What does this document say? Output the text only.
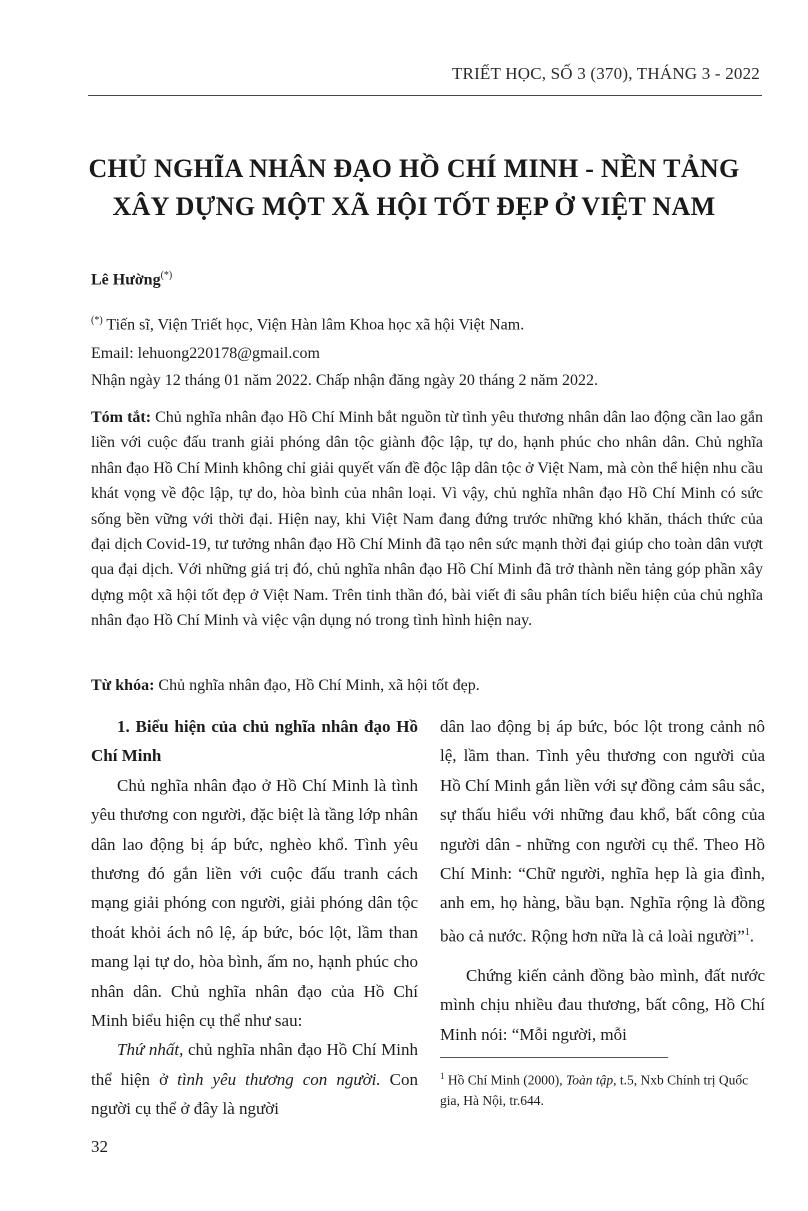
TRIẾT HỌC, SỐ 3 (370), THÁNG 3 - 2022
CHỦ NGHĨA NHÂN ĐẠO HỒ CHÍ MINH - NỀN TẢNG
XÂY DỰNG MỘT XÃ HỘI TỐT ĐẸP Ở VIỆT NAM
Lê Hường(*)
(*) Tiến sĩ, Viện Triết học, Viện Hàn lâm Khoa học xã hội Việt Nam.
Email: lehuong220178@gmail.com
Nhận ngày 12 tháng 01 năm 2022. Chấp nhận đăng ngày 20 tháng 2 năm 2022.
Tóm tắt: Chủ nghĩa nhân đạo Hồ Chí Minh bắt nguồn từ tình yêu thương nhân dân lao động cần lao gắn liền với cuộc đấu tranh giải phóng dân tộc giành độc lập, tự do, hạnh phúc cho nhân dân. Chủ nghĩa nhân đạo Hồ Chí Minh không chỉ giải quyết vấn đề độc lập dân tộc ở Việt Nam, mà còn thể hiện nhu cầu khát vọng về độc lập, tự do, hòa bình của nhân loại. Vì vậy, chủ nghĩa nhân đạo Hồ Chí Minh có sức sống bền vững với thời đại. Hiện nay, khi Việt Nam đang đứng trước những khó khăn, thách thức của đại dịch Covid-19, tư tưởng nhân đạo Hồ Chí Minh đã tạo nên sức mạnh thời đại giúp cho toàn dân vượt qua đại dịch. Với những giá trị đó, chủ nghĩa nhân đạo Hồ Chí Minh đã trở thành nền tảng góp phần xây dựng một xã hội tốt đẹp ở Việt Nam. Trên tinh thần đó, bài viết đi sâu phân tích biểu hiện của chủ nghĩa nhân đạo Hồ Chí Minh và việc vận dụng nó trong tình hình hiện nay.
Từ khóa: Chủ nghĩa nhân đạo, Hồ Chí Minh, xã hội tốt đẹp.
1. Biểu hiện của chủ nghĩa nhân đạo Hồ Chí Minh

Chủ nghĩa nhân đạo ở Hồ Chí Minh là tình yêu thương con người, đặc biệt là tầng lớp nhân dân lao động bị áp bức, nghèo khổ. Tình yêu thương đó gắn liền với cuộc đấu tranh cách mạng giải phóng con người, giải phóng dân tộc thoát khỏi ách nô lệ, áp bức, bóc lột, lầm than mang lại tự do, hòa bình, ấm no, hạnh phúc cho nhân dân. Chủ nghĩa nhân đạo của Hồ Chí Minh biểu hiện cụ thể như sau:

Thứ nhất, chủ nghĩa nhân đạo Hồ Chí Minh thể hiện ở tình yêu thương con người. Con người cụ thể ở đây là người

dân lao động bị áp bức, bóc lột trong cảnh nô lệ, lầm than. Tình yêu thương con người của Hồ Chí Minh gắn liền với sự đồng cảm sâu sắc, sự thấu hiểu với những đau khổ, bất công của người dân - những con người cụ thể. Theo Hồ Chí Minh: “Chữ người, nghĩa hẹp là gia đình, anh em, họ hàng, bầu bạn. Nghĩa rộng là đồng bào cả nước. Rộng hơn nữa là cả loài người”$^1$.

Chứng kiến cảnh đồng bào mình, đất nước mình chịu nhiều đau thương, bất công, Hồ Chí Minh nói: “Mỗi người, mỗi

$^1$ Hồ Chí Minh (2000), Toàn tập, t.5, Nxb Chính trị Quốc gia, Hà Nội, tr.644.
32
